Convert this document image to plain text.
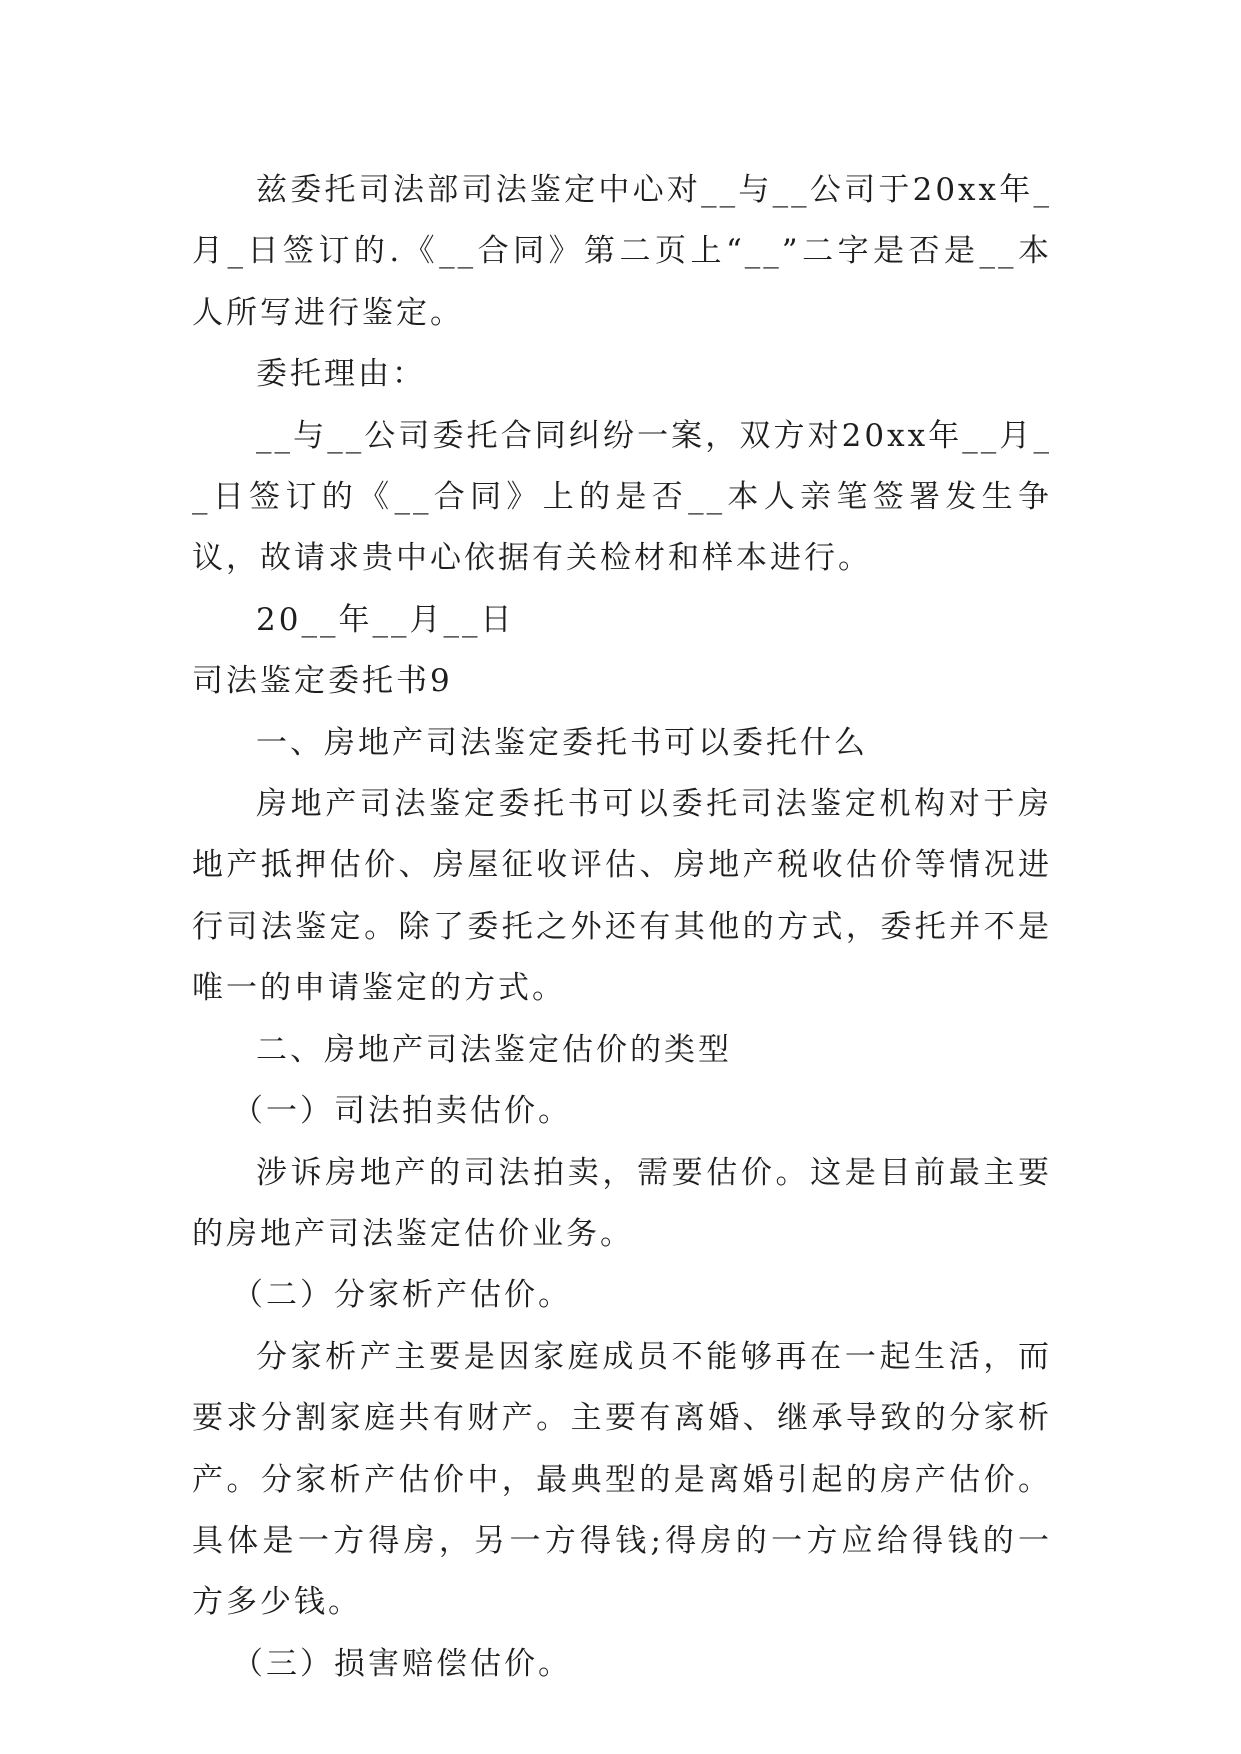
兹委托司法部司法鉴定中心对__与__公司于20xx年_月_日签订的.《__合同》第二页上“__”二字是否是__本人所写进行鉴定。

委托理由：

__与__公司委托合同纠纷一案，双方对20xx年__月__日签订的《__合同》上的是否__本人亲笔签署发生争议，故请求贵中心依据有关检材和样本进行。

20__年__月__日

司法鉴定委托书9

一、房地产司法鉴定委托书可以委托什么

房地产司法鉴定委托书可以委托司法鉴定机构对于房地产抵押估价、房屋征收评估、房地产税收估价等情况进行司法鉴定。除了委托之外还有其他的方式，委托并不是唯一的申请鉴定的方式。

二、房地产司法鉴定估价的类型

（一）司法拍卖估价。

涉诉房地产的司法拍卖，需要估价。这是目前最主要的房地产司法鉴定估价业务。

（二）分家析产估价。

分家析产主要是因家庭成员不能够再在一起生活，而要求分割家庭共有财产。主要有离婚、继承导致的分家析产。分家析产估价中，最典型的是离婚引起的房产估价。具体是一方得房，另一方得钱;得房的一方应给得钱的一方多少钱。

（三）损害赔偿估价。
